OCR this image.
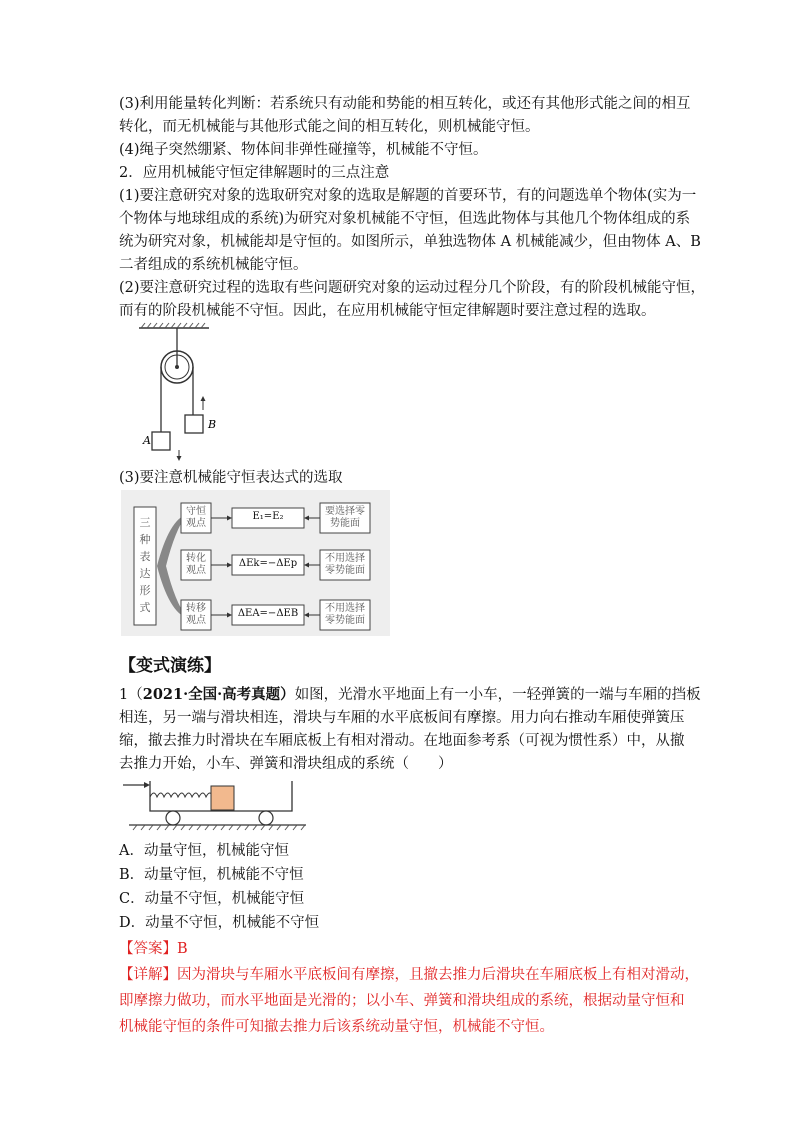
(3)利用能量转化判断：若系统只有动能和势能的相互转化，或还有其他形式能之间的相互
转化，而无机械能与其他形式能之间的相互转化，则机械能守恒。
(4)绳子突然绷紧、物体间非弹性碰撞等，机械能不守恒。
2．应用机械能守恒定律解题时的三点注意
(1)要注意研究对象的选取研究对象的选取是解题的首要环节，有的问题选单个物体(实为一
个物体与地球组成的系统)为研究对象机械能不守恒，但选此物体与其他几个物体组成的系
统为研究对象，机械能却是守恒的。如图所示，单独选物体 A 机械能减少，但由物体 A、B
二者组成的系统机械能守恒。
(2)要注意研究过程的选取有些问题研究对象的运动过程分几个阶段，有的阶段机械能守恒，
而有的阶段机械能不守恒。因此，在应用机械能守恒定律解题时要注意过程的选取。
A
B
(3)要注意机械能守恒表达式的选取
三种表达形式
守恒观点
转化观点
转移观点
E₁=E₂
ΔEk=−ΔEp
ΔEA=−ΔEB
要选择零势能面
不用选择零势能面
不用选择零势能面
【变式演练】
1（2021·全国·高考真题）如图，光滑水平地面上有一小车，一轻弹簧的一端与车厢的挡板
相连，另一端与滑块相连，滑块与车厢的水平底板间有摩擦。用力向右推动车厢使弹簧压
缩，撤去推力时滑块在车厢底板上有相对滑动。在地面参考系（可视为惯性系）中，从撤
去推力开始，小车、弹簧和滑块组成的系统（　　）
A．动量守恒，机械能守恒
B．动量守恒，机械能不守恒
C．动量不守恒，机械能守恒
D．动量不守恒，机械能不守恒
【答案】B
【详解】因为滑块与车厢水平底板间有摩擦，且撤去推力后滑块在车厢底板上有相对滑动，
即摩擦力做功，而水平地面是光滑的；以小车、弹簧和滑块组成的系统，根据动量守恒和
机械能守恒的条件可知撤去推力后该系统动量守恒，机械能不守恒。
